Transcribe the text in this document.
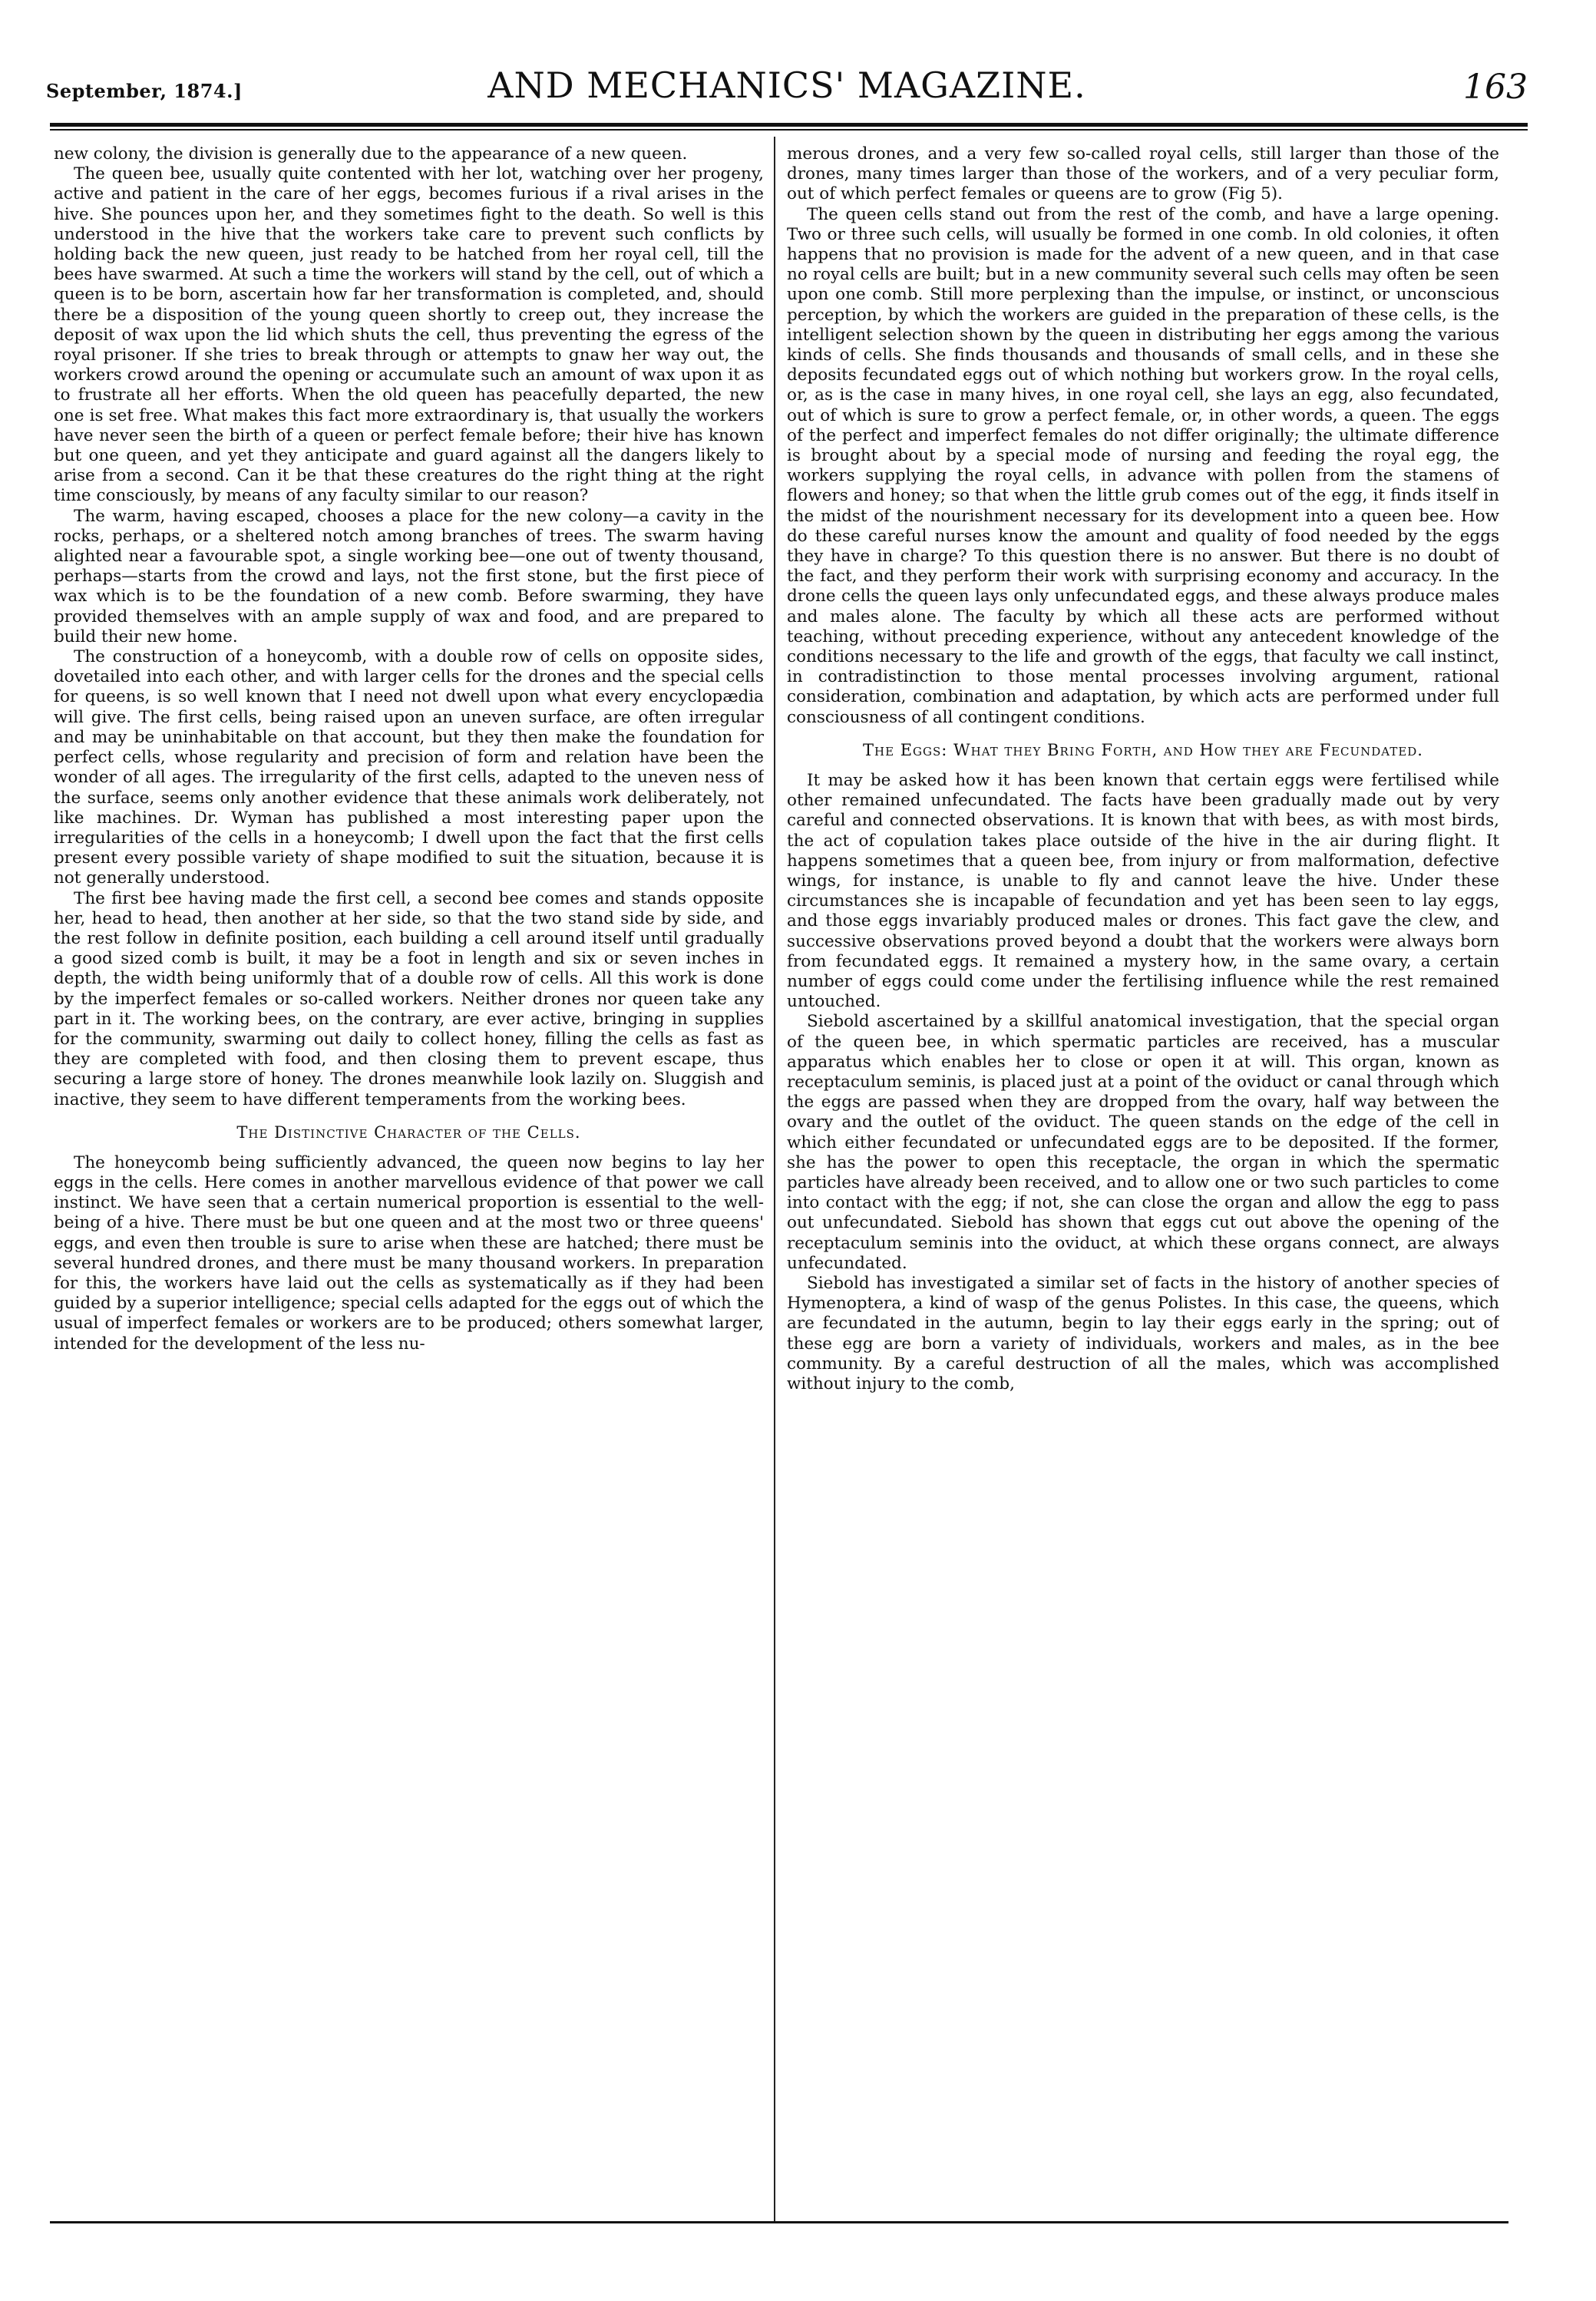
September, 1874.]	AND MECHANICS' MAGAZINE.	163

new colony, the division is generally due to the appearance of a new queen.

The queen bee, usually quite contented with her lot, watching over her progeny, active and patient in the care of her eggs, becomes furious if a rival arises in the hive. She pounces upon her, and they sometimes fight to the death. So well is this understood in the hive that the workers take care to prevent such conflicts by holding back the new queen, just ready to be hatched from her royal cell, till the bees have swarmed. At such a time the workers will stand by the cell, out of which a queen is to be born, ascertain how far her transformation is completed, and, should there be a disposition of the young queen shortly to creep out, they increase the deposit of wax upon the lid which shuts the cell, thus preventing the egress of the royal prisoner. If she tries to break through or attempts to gnaw her way out, the workers crowd around the opening or accumulate such an amount of wax upon it as to frustrate all her efforts. When the old queen has peacefully departed, the new one is set free. What makes this fact more extraordinary is, that usually the workers have never seen the birth of a queen or perfect female before; their hive has known but one queen, and yet they anticipate and guard against all the dangers likely to arise from a second. Can it be that these creatures do the right thing at the right time consciously, by means of any faculty similar to our reason?

The warm, having escaped, chooses a place for the new colony—a cavity in the rocks, perhaps, or a sheltered notch among branches of trees. The swarm having alighted near a favourable spot, a single working bee—one out of twenty thousand, perhaps—starts from the crowd and lays, not the first stone, but the first piece of wax which is to be the foundation of a new comb. Before swarming, they have provided themselves with an ample supply of wax and food, and are prepared to build their new home.

The construction of a honeycomb, with a double row of cells on opposite sides, dovetailed into each other, and with larger cells for the drones and the special cells for queens, is so well known that I need not dwell upon what every encyclopædia will give. The first cells, being raised upon an uneven surface, are often irregular and may be uninhabitable on that account, but they then make the foundation for perfect cells, whose regularity and precision of form and relation have been the wonder of all ages. The irregularity of the first cells, adapted to the uneven ness of the surface, seems only another evidence that these animals work deliberately, not like machines. Dr. Wyman has published a most interesting paper upon the irregularities of the cells in a honeycomb; I dwell upon the fact that the first cells present every possible variety of shape modified to suit the situation, because it is not generally understood.

The first bee having made the first cell, a second bee comes and stands opposite her, head to head, then another at her side, so that the two stand side by side, and the rest follow in definite position, each building a cell around itself until gradually a good sized comb is built, it may be a foot in length and six or seven inches in depth, the width being uniformly that of a double row of cells. All this work is done by the imperfect females or so-called workers. Neither drones nor queen take any part in it. The working bees, on the contrary, are ever active, bringing in supplies for the community, swarming out daily to collect honey, filling the cells as fast as they are completed with food, and then closing them to prevent escape, thus securing a large store of honey. The drones meanwhile look lazily on. Sluggish and inactive, they seem to have different temperaments from the working bees.

The Distinctive Character of the Cells.

The honeycomb being sufficiently advanced, the queen now begins to lay her eggs in the cells. Here comes in another marvellous evidence of that power we call instinct. We have seen that a certain numerical proportion is essential to the well-being of a hive. There must be but one queen and at the most two or three queens' eggs, and even then trouble is sure to arise when these are hatched; there must be several hundred drones, and there must be many thousand workers. In preparation for this, the workers have laid out the cells as systematically as if they had been guided by a superior intelligence; special cells adapted for the eggs out of which the usual of imperfect females or workers are to be produced; others somewhat larger, intended for the development of the less nu-

merous drones, and a very few so-called royal cells, still larger than those of the drones, many times larger than those of the workers, and of a very peculiar form, out of which perfect females or queens are to grow (Fig 5).

The queen cells stand out from the rest of the comb, and have a large opening. Two or three such cells, will usually be formed in one comb. In old colonies, it often happens that no provision is made for the advent of a new queen, and in that case no royal cells are built; but in a new community several such cells may often be seen upon one comb. Still more perplexing than the impulse, or instinct, or unconscious perception, by which the workers are guided in the preparation of these cells, is the intelligent selection shown by the queen in distributing her eggs among the various kinds of cells. She finds thousands and thousands of small cells, and in these she deposits fecundated eggs out of which nothing but workers grow. In the royal cells, or, as is the case in many hives, in one royal cell, she lays an egg, also fecundated, out of which is sure to grow a perfect female, or, in other words, a queen. The eggs of the perfect and imperfect females do not differ originally; the ultimate difference is brought about by a special mode of nursing and feeding the royal egg, the workers supplying the royal cells, in advance with pollen from the stamens of flowers and honey; so that when the little grub comes out of the egg, it finds itself in the midst of the nourishment necessary for its development into a queen bee. How do these careful nurses know the amount and quality of food needed by the eggs they have in charge? To this question there is no answer. But there is no doubt of the fact, and they perform their work with surprising economy and accuracy. In the drone cells the queen lays only unfecundated eggs, and these always produce males and males alone. The faculty by which all these acts are performed without teaching, without preceding experience, without any antecedent knowledge of the conditions necessary to the life and growth of the eggs, that faculty we call instinct, in contradistinction to those mental processes involving argument, rational consideration, combination and adaptation, by which acts are performed under full consciousness of all contingent conditions.

The Eggs: What they Bring Forth, and How they are Fecundated.

It may be asked how it has been known that certain eggs were fertilised while other remained unfecundated. The facts have been gradually made out by very careful and connected observations. It is known that with bees, as with most birds, the act of copulation takes place outside of the hive in the air during flight. It happens sometimes that a queen bee, from injury or from malformation, defective wings, for instance, is unable to fly and cannot leave the hive. Under these circumstances she is incapable of fecundation and yet has been seen to lay eggs, and those eggs invariably produced males or drones. This fact gave the clew, and successive observations proved beyond a doubt that the workers were always born from fecundated eggs. It remained a mystery how, in the same ovary, a certain number of eggs could come under the fertilising influence while the rest remained untouched.

Siebold ascertained by a skillful anatomical investigation, that the special organ of the queen bee, in which spermatic particles are received, has a muscular apparatus which enables her to close or open it at will. This organ, known as receptaculum seminis, is placed just at a point of the oviduct or canal through which the eggs are passed when they are dropped from the ovary, half way between the ovary and the outlet of the oviduct. The queen stands on the edge of the cell in which either fecundated or unfecundated eggs are to be deposited. If the former, she has the power to open this receptacle, the organ in which the spermatic particles have already been received, and to allow one or two such particles to come into contact with the egg; if not, she can close the organ and allow the egg to pass out unfecundated. Siebold has shown that eggs cut out above the opening of the receptaculum seminis into the oviduct, at which these organs connect, are always unfecundated.

Siebold has investigated a similar set of facts in the history of another species of Hymenoptera, a kind of wasp of the genus Polistes. In this case, the queens, which are fecundated in the autumn, begin to lay their eggs early in the spring; out of these egg are born a variety of individuals, workers and males, as in the bee community. By a careful destruction of all the males, which was accomplished without injury to the comb,
